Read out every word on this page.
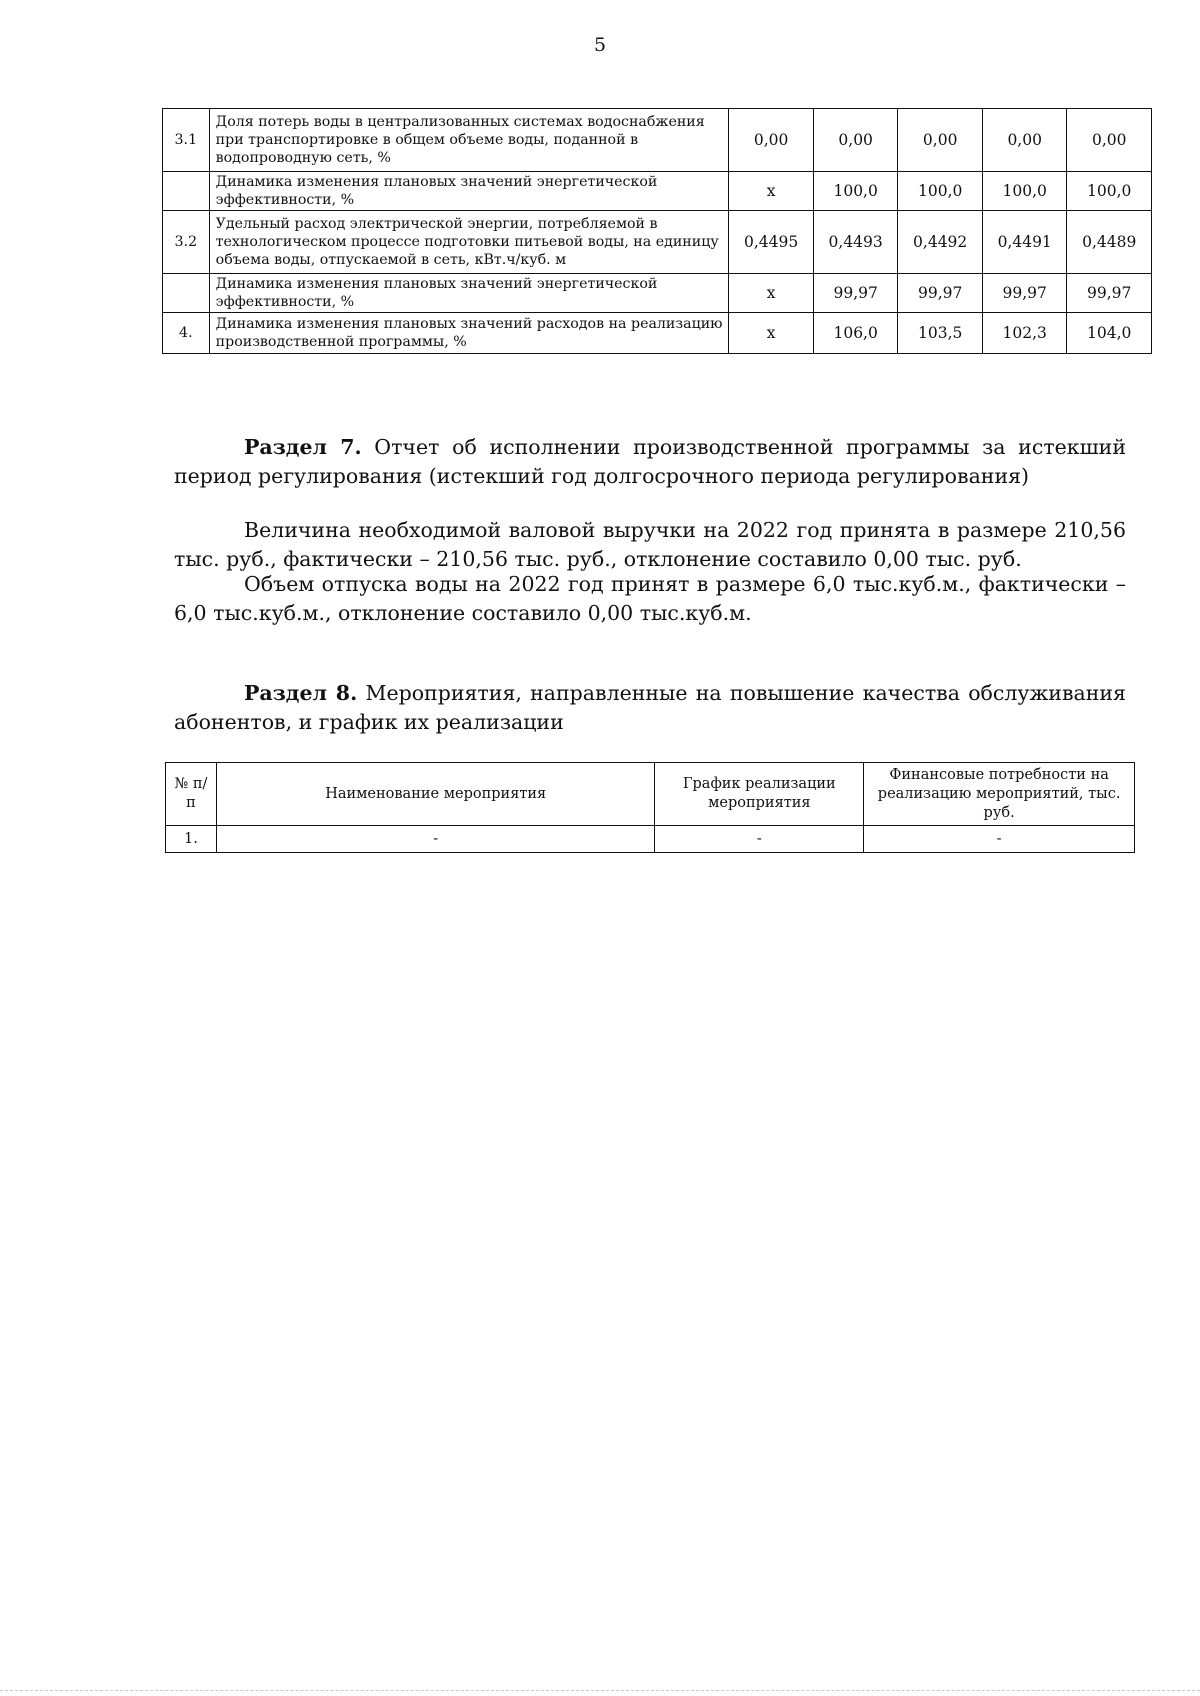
5
3.1	Доля потерь воды в централизованных системах водоснабжения при транспортировке в общем объеме воды, поданной в водопроводную сеть, %	0,00	0,00	0,00	0,00	0,00
	Динамика изменения плановых значений энергетической эффективности, %	x	100,0	100,0	100,0	100,0
3.2	Удельный расход электрической энергии, потребляемой в технологическом процессе подготовки питьевой воды, на единицу объема воды, отпускаемой в сеть, кВт.ч/куб. м	0,4495	0,4493	0,4492	0,4491	0,4489
	Динамика изменения плановых значений энергетической эффективности, %	x	99,97	99,97	99,97	99,97
4.	Динамика изменения плановых значений расходов на реализацию производственной программы, %	x	106,0	103,5	102,3	104,0
Раздел 7. Отчет об исполнении производственной программы за истекший период регулирования (истекший год долгосрочного периода регулирования)
Величина необходимой валовой выручки на 2022 год принята в размере 210,56 тыс. руб., фактически – 210,56 тыс. руб., отклонение составило 0,00 тыс. руб.
Объем отпуска воды на 2022 год принят в размере 6,0 тыс.куб.м., фактически – 6,0 тыс.куб.м., отклонение составило 0,00 тыс.куб.м.
Раздел 8. Мероприятия, направленные на повышение качества обслуживания абонентов, и график их реализации
№ п/п	Наименование мероприятия	График реализации мероприятия	Финансовые потребности на реализацию мероприятий, тыс. руб.
1.	-	-	-
